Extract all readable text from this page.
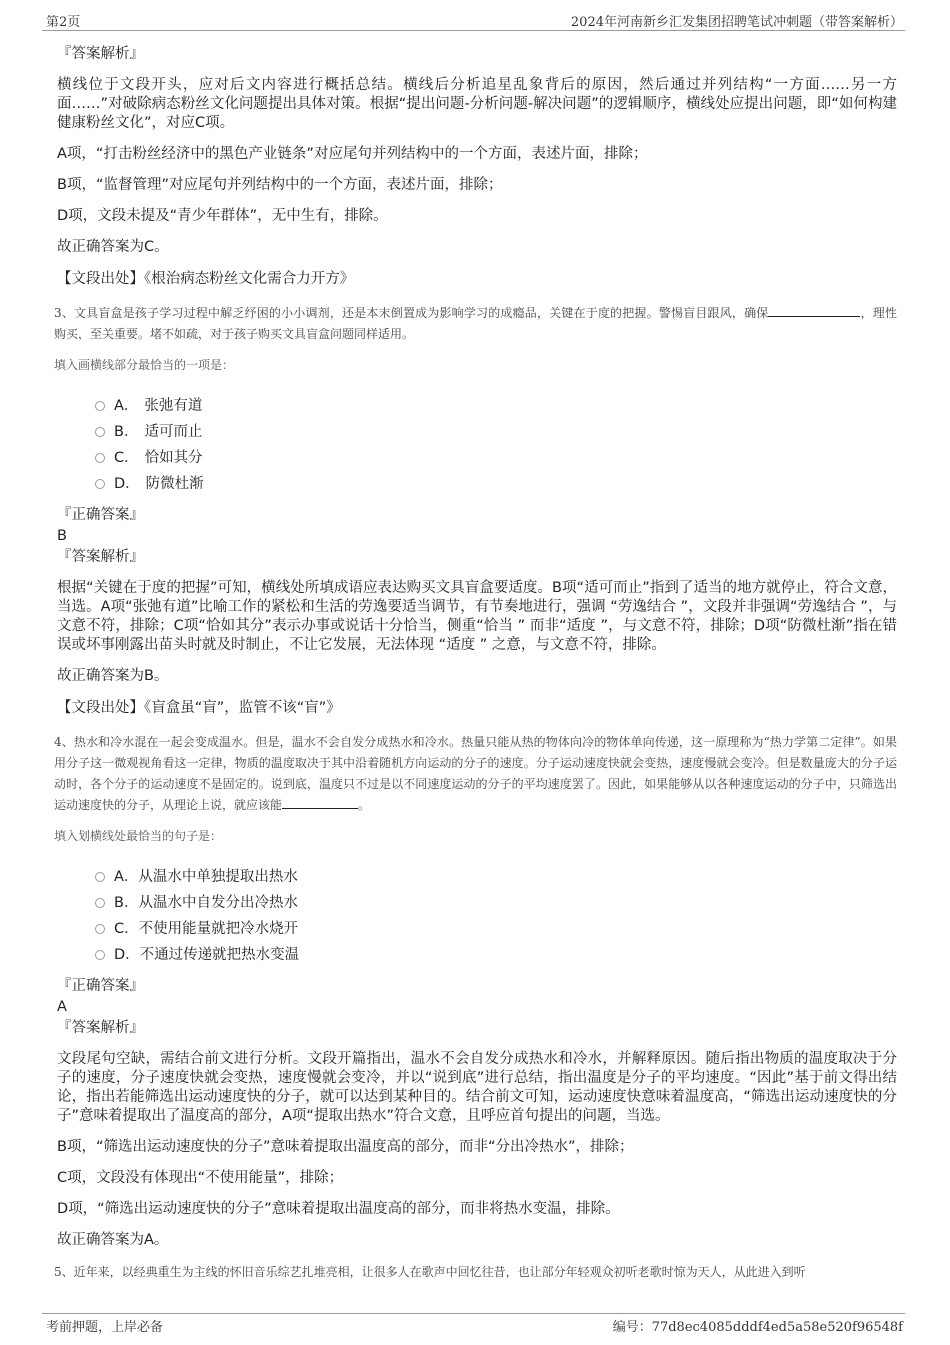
第2页	2024年河南新乡汇发集团招聘笔试冲刺题（带答案解析）
『答案解析』
横线位于文段开头，应对后文内容进行概括总结。横线后分析追星乱象背后的原因，然后通过并列结构“一方面……另一方面……”对破除病态粉丝文化问题提出具体对策。根据“提出问题-分析问题-解决问题”的逻辑顺序，横线处应提出问题，即“如何构建健康粉丝文化”，对应C项。
A项，“打击粉丝经济中的黑色产业链条”对应尾句并列结构中的一个方面，表述片面，排除；
B项，“监督管理”对应尾句并列结构中的一个方面，表述片面，排除；
D项，文段未提及“青少年群体”，无中生有，排除。
故正确答案为C。
【文段出处】《根治病态粉丝文化需合力开方》
3、文具盲盒是孩子学习过程中解乏纾困的小小调剂，还是本末倒置成为影响学习的成瘾品，关键在于度的把握。警惕盲目跟风，确保	，理性购买，至关重要。堵不如疏，对于孩子购买文具盲盒问题同样适用。
填入画横线部分最恰当的一项是：
A． 张弛有道
B． 适可而止
C． 恰如其分
D． 防微杜渐
『正确答案』
B
『答案解析』
根据“关键在于度的把握”可知，横线处所填成语应表达购买文具盲盒要适度。B项“适可而止”指到了适当的地方就停止，符合文意，当选。A项“张弛有道”比喻工作的紧松和生活的劳逸要适当调节，有节奏地进行，强调 “劳逸结合 ”，文段并非强调“劳逸结合 ”，与文意不符，排除；C项“恰如其分”表示办事或说话十分恰当，侧重“恰当 ” 而非“适度 ”，与文意不符，排除；D项“防微杜渐”指在错误或坏事刚露出苗头时就及时制止，不让它发展，无法体现 “适度 ” 之意，与文意不符，排除。
故正确答案为B。
【文段出处】《盲盒虽“盲”，监管不该“盲”》
4、热水和冷水混在一起会变成温水。但是，温水不会自发分成热水和冷水。热量只能从热的物体向冷的物体单向传递，这一原理称为“热力学第二定律”。如果用分子这一微观视角看这一定律，物质的温度取决于其中沿着随机方向运动的分子的速度。分子运动速度快就会变热，速度慢就会变冷。但是数量庞大的分子运动时，各个分子的运动速度不是固定的。说到底，温度只不过是以不同速度运动的分子的平均速度罢了。因此，如果能够从以各种速度运动的分子中，只筛选出运动速度快的分子，从理论上说，就应该能	。
填入划横线处最恰当的句子是：
A． 从温水中单独提取出热水
B． 从温水中自发分出冷热水
C． 不使用能量就把冷水烧开
D． 不通过传递就把热水变温
『正确答案』
A
『答案解析』
文段尾句空缺，需结合前文进行分析。文段开篇指出，温水不会自发分成热水和冷水，并解释原因。随后指出物质的温度取决于分子的速度，分子速度快就会变热，速度慢就会变冷，并以“说到底”进行总结，指出温度是分子的平均速度。“因此”基于前文得出结论，指出若能筛选出运动速度快的分子，就可以达到某种目的。结合前文可知，运动速度快意味着温度高，“筛选出运动速度快的分子”意味着提取出了温度高的部分，A项“提取出热水”符合文意，且呼应首句提出的问题，当选。
B项，“筛选出运动速度快的分子”意味着提取出温度高的部分，而非“分出冷热水”，排除；
C项，文段没有体现出“不使用能量”，排除；
D项，“筛选出运动速度快的分子”意味着提取出温度高的部分，而非将热水变温，排除。
故正确答案为A。
5、近年来，以经典重生为主线的怀旧音乐综艺扎堆亮相，让很多人在歌声中回忆往昔，也让部分年轻观众初听老歌时惊为天人，从此进入到听
考前押题，上岸必备	编号：77d8ec4085dddf4ed5a58e520f96548f
